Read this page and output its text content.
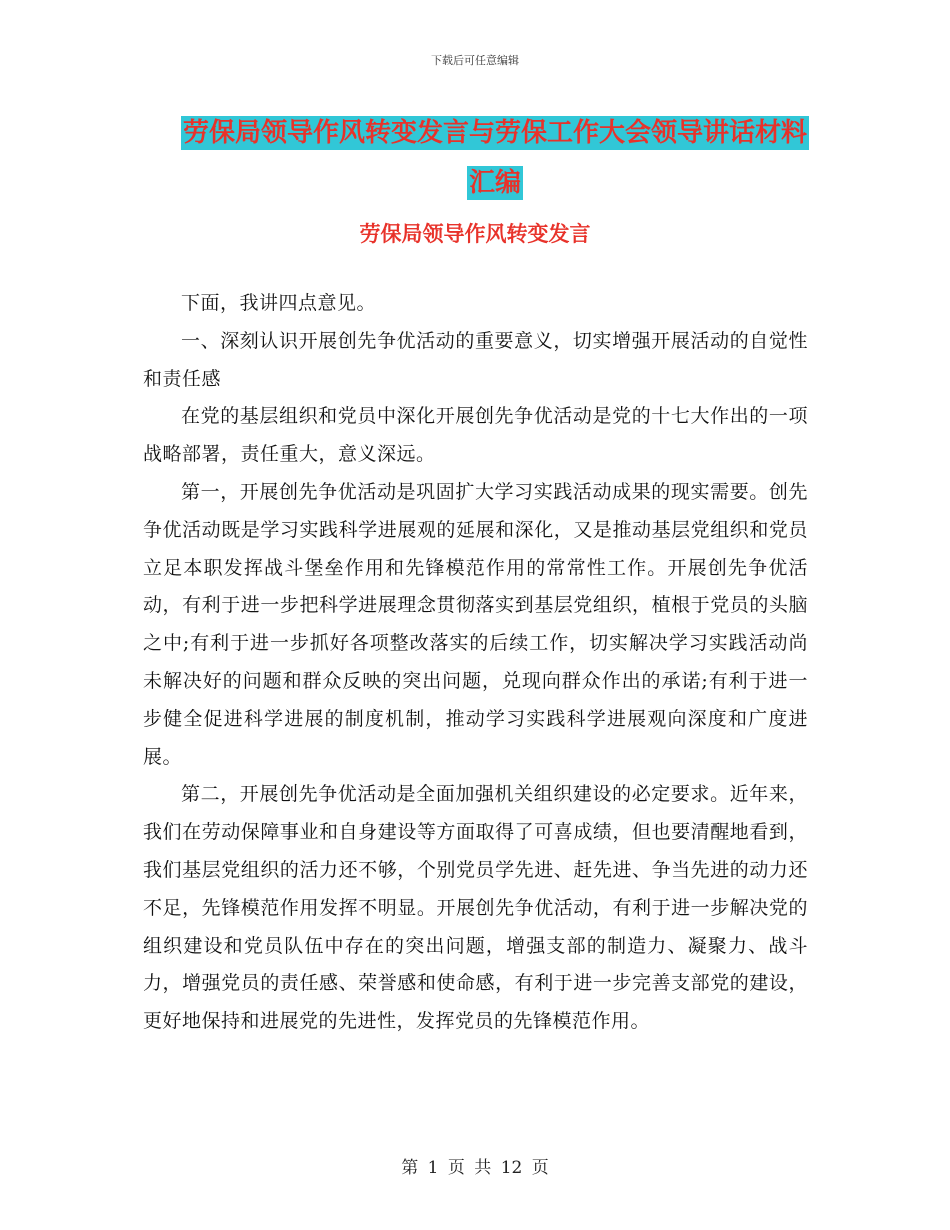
下载后可任意编辑
劳保局领导作风转变发言与劳保工作大会领导讲话材料汇编
劳保局领导作风转变发言

下面，我讲四点意见。

一、深刻认识开展创先争优活动的重要意义，切实增强开展活动的自觉性和责任感

在党的基层组织和党员中深化开展创先争优活动是党的十七大作出的一项战略部署，责任重大，意义深远。

第一，开展创先争优活动是巩固扩大学习实践活动成果的现实需要。创先争优活动既是学习实践科学进展观的延展和深化，又是推动基层党组织和党员立足本职发挥战斗堡垒作用和先锋模范作用的常常性工作。开展创先争优活动，有利于进一步把科学进展理念贯彻落实到基层党组织，植根于党员的头脑之中;有利于进一步抓好各项整改落实的后续工作，切实解决学习实践活动尚未解决好的问题和群众反映的突出问题，兑现向群众作出的承诺;有利于进一步健全促进科学进展的制度机制，推动学习实践科学进展观向深度和广度进展。

第二，开展创先争优活动是全面加强机关组织建设的必定要求。近年来，我们在劳动保障事业和自身建设等方面取得了可喜成绩，但也要清醒地看到，我们基层党组织的活力还不够，个别党员学先进、赶先进、争当先进的动力还不足，先锋模范作用发挥不明显。开展创先争优活动，有利于进一步解决党的组织建设和党员队伍中存在的突出问题，增强支部的制造力、凝聚力、战斗力，增强党员的责任感、荣誉感和使命感，有利于进一步完善支部党的建设，更好地保持和进展党的先进性，发挥党员的先锋模范作用。

第 1 页 共 12 页
